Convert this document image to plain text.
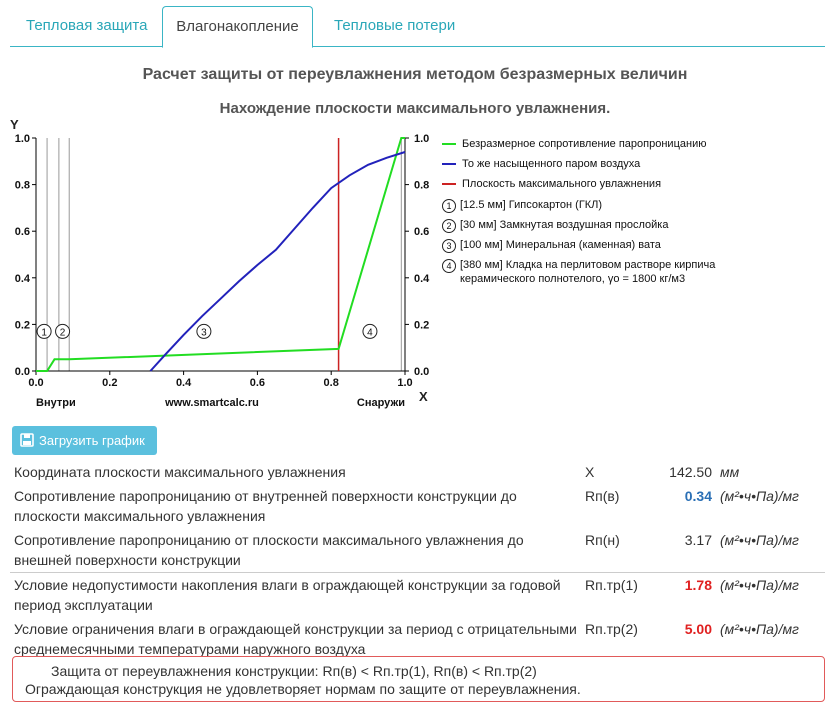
Тепловая защита	Влагонакопление	Тепловые потери
Расчет защиты от переувлажнения методом безразмерных величин
Нахождение плоскости максимального увлажнения.
0.0	0.2	0.4	0.6	0.8	1.0
0.0
0.2
0.4
0.6
0.8
1.0
0.0
0.2
0.4
0.6
0.8
1.0
Y
X
Внутри	www.smartcalc.ru	Снаружи
1 2	3	4
Безразмерное сопротивление паропроницанию
То же насыщенного паром воздуха
Плоскость максимального увлажнения
1 [12.5 мм] Гипсокартон (ГКЛ)
2 [30 мм] Замкнутая воздушная прослойка
3 [100 мм] Минеральная (каменная) вата
4 [380 мм] Кладка на перлитовом растворе кирпича керамического полнотелого, γo = 1800 кг/м3
Загрузить график
Координата плоскости максимального увлажнения	X	142.50	мм
Сопротивление паропроницанию от внутренней поверхности конструкции до плоскости максимального увлажнения	Rп(в)	0.34	(м²•ч•Па)/мг
Сопротивление паропроницанию от плоскости максимального увлажнения до внешней поверхности конструкции	Rп(н)	3.17	(м²•ч•Па)/мг
Условие недопустимости накопления влаги в ограждающей конструкции за годовой период эксплуатации	Rп.тр(1)	1.78	(м²•ч•Па)/мг
Условие ограничения влаги в ограждающей конструкции за период с отрицательными среднемесячными температурами наружного воздуха	Rп.тр(2)	5.00	(м²•ч•Па)/мг
Защита от переувлажнения конструкции: Rп(в) < Rп.тр(1), Rп(в) < Rп.тр(2)
Ограждающая конструкция не удовлетворяет нормам по защите от переувлажнения.
